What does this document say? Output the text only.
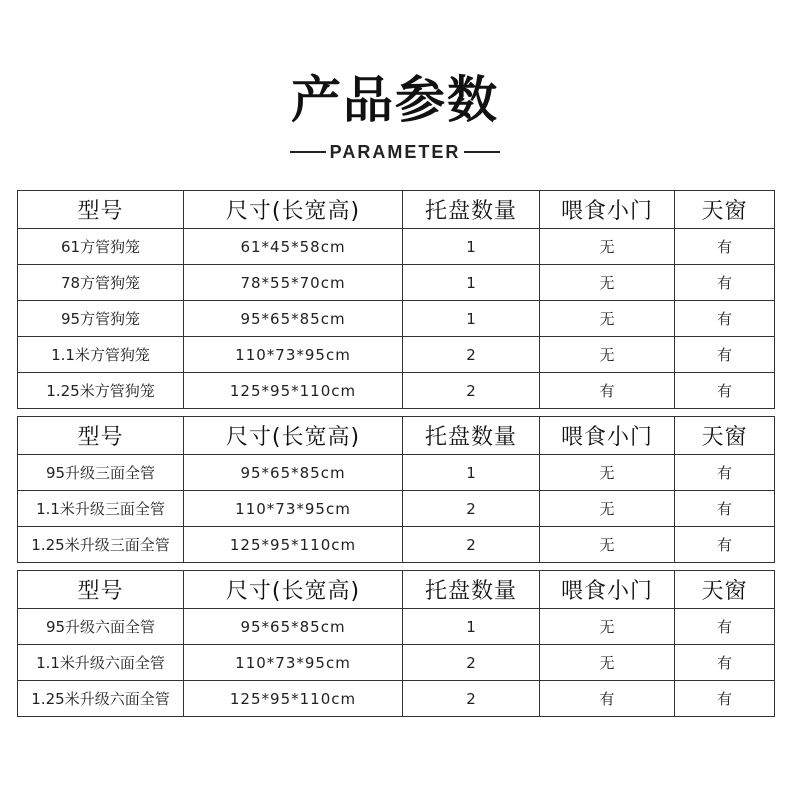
产品参数
PARAMETER
型号	尺寸(长宽高)	托盘数量	喂食小门	天窗
61方管狗笼	61*45*58cm	1	无	有
78方管狗笼	78*55*70cm	1	无	有
95方管狗笼	95*65*85cm	1	无	有
1.1米方管狗笼	110*73*95cm	2	无	有
1.25米方管狗笼	125*95*110cm	2	有	有
型号	尺寸(长宽高)	托盘数量	喂食小门	天窗
95升级三面全管	95*65*85cm	1	无	有
1.1米升级三面全管	110*73*95cm	2	无	有
1.25米升级三面全管	125*95*110cm	2	无	有
型号	尺寸(长宽高)	托盘数量	喂食小门	天窗
95升级六面全管	95*65*85cm	1	无	有
1.1米升级六面全管	110*73*95cm	2	无	有
1.25米升级六面全管	125*95*110cm	2	有	有
